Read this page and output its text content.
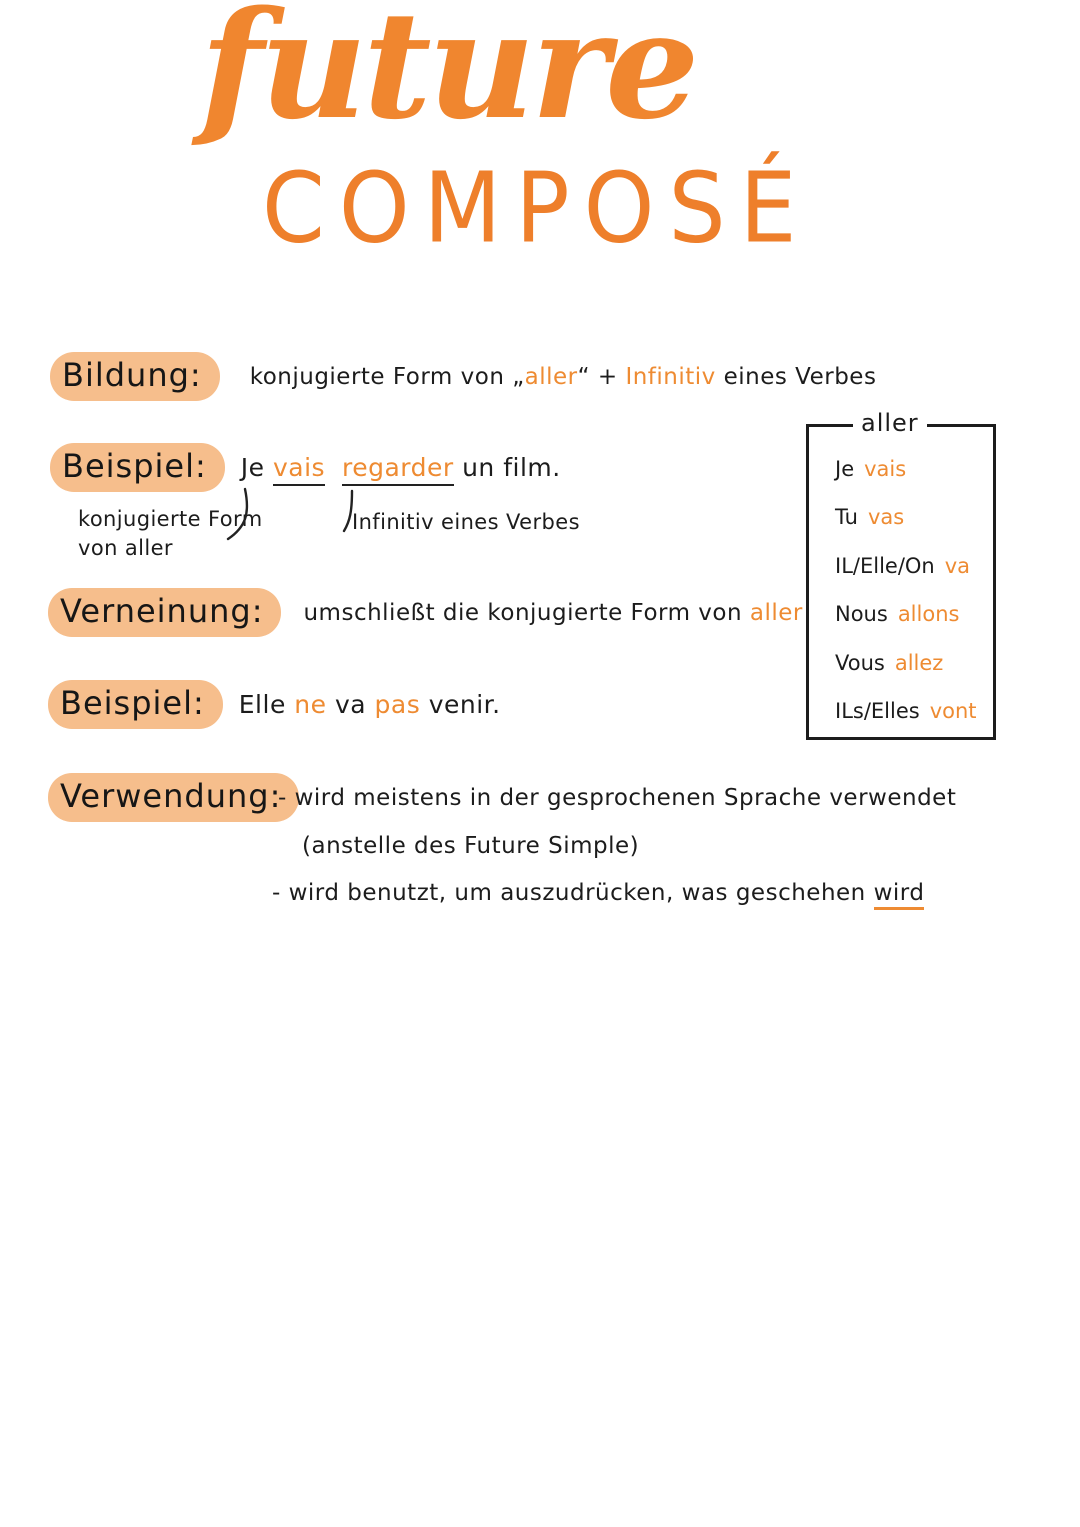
future
COMPOSÉ
Bildung:	konjugierte Form von „aller“ + Infinitiv eines Verbes
Beispiel:	Je vais regarder un film.
konjugierte Form
von aller
Infinitiv eines Verbes
aller
Je vais
Tu vas
IL/Elle/On va
Nous allons
Vous allez
ILs/Elles vont
Verneinung:	umschließt die konjugierte Form von aller
Beispiel:	Elle ne va pas venir.
Verwendung:
- wird meistens in der gesprochenen Sprache verwendet
(anstelle des Future Simple)
- wird benutzt, um auszudrücken, was geschehen wird
